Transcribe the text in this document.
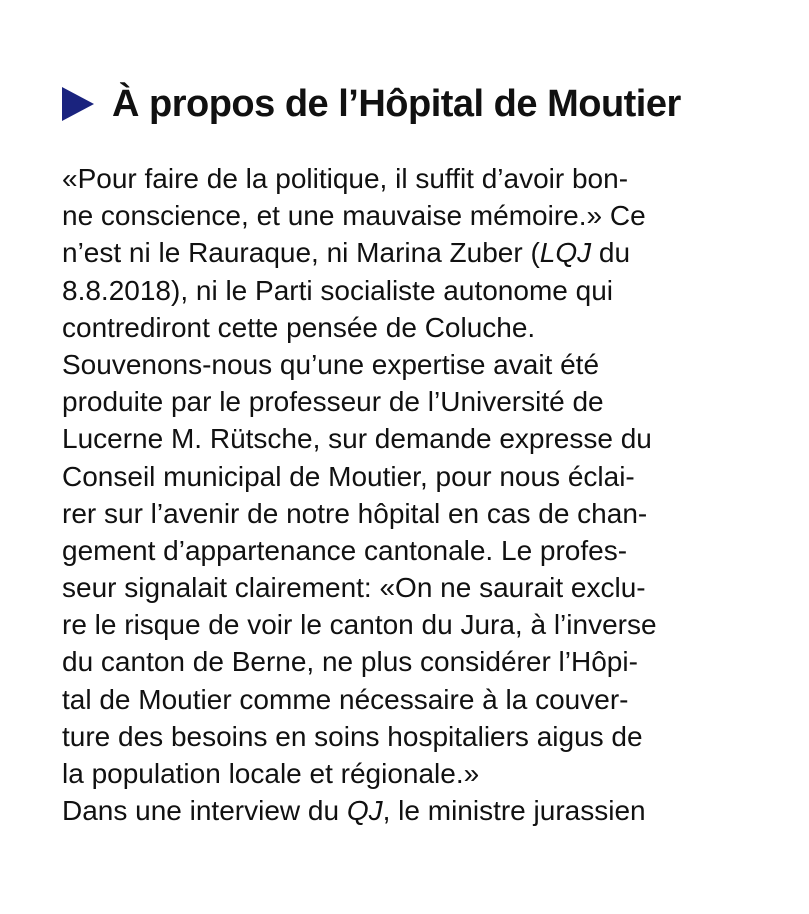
À propos de l’Hôpital de Moutier
«Pour faire de la politique, il suffit d’avoir bon-
ne conscience, et une mauvaise mémoire.» Ce
n’est ni le Rauraque, ni Marina Zuber (LQJ du
8.8.2018), ni le Parti socialiste autonome qui
contrediront cette pensée de Coluche.
Souvenons-nous qu’une expertise avait été
produite par le professeur de l’Université de
Lucerne M. Rütsche, sur demande expresse du
Conseil municipal de Moutier, pour nous éclai-
rer sur l’avenir de notre hôpital en cas de chan-
gement d’appartenance cantonale. Le profes-
seur signalait clairement: «On ne saurait exclu-
re le risque de voir le canton du Jura, à l’inverse
du canton de Berne, ne plus considérer l’Hôpi-
tal de Moutier comme nécessaire à la couver-
ture des besoins en soins hospitaliers aigus de
la population locale et régionale.»
Dans une interview du QJ, le ministre jurassien
